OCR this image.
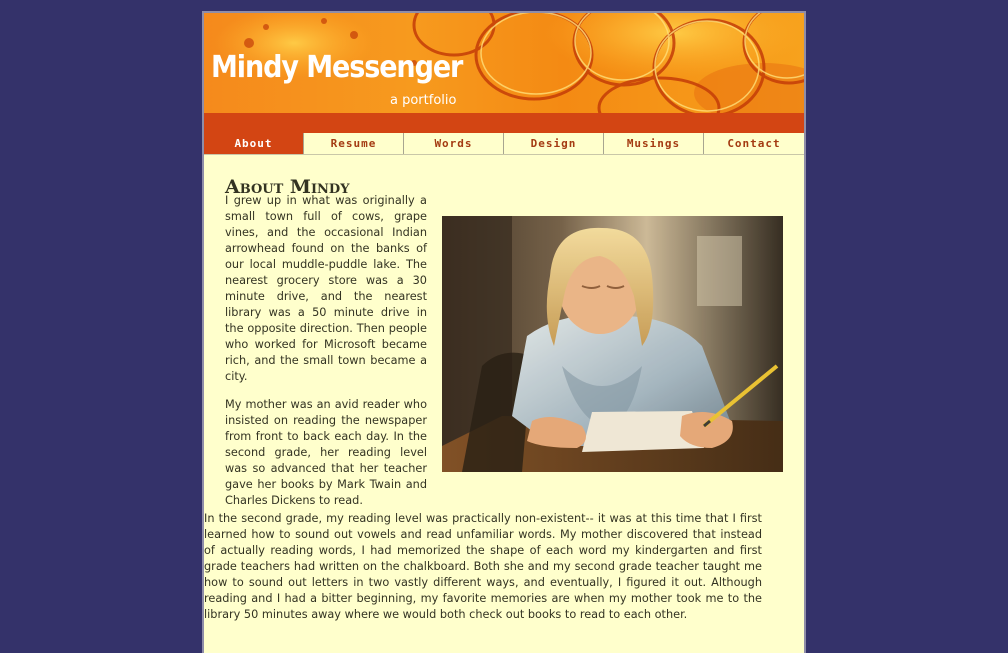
Mindy Messenger
a portfolio
About	Resume	Words	Design	Musings	Contact
About Mindy

I grew up in what was originally a small town full of cows, grape vines, and the occasional Indian arrowhead found on the banks of our local muddle-puddle lake. The nearest grocery store was a 30 minute drive, and the nearest library was a 50 minute drive in the opposite direction. Then people who worked for Microsoft became rich, and the small town became a city.

My mother was an avid reader who insisted on reading the newspaper from front to back each day. In the second grade, her reading level was so advanced that her teacher gave her books by Mark Twain and Charles Dickens to read.

In the second grade, my reading level was practically non-existent-- it was at this time that I first learned how to sound out vowels and read unfamiliar words. My mother discovered that instead of actually reading words, I had memorized the shape of each word my kindergarten and first grade teachers had written on the chalkboard. Both she and my second grade teacher taught me how to sound out letters in two vastly different ways, and eventually, I figured it out. Although reading and I had a bitter beginning, my favorite memories are when my mother took me to the library 50 minutes away where we would both check out books to read to each other.
